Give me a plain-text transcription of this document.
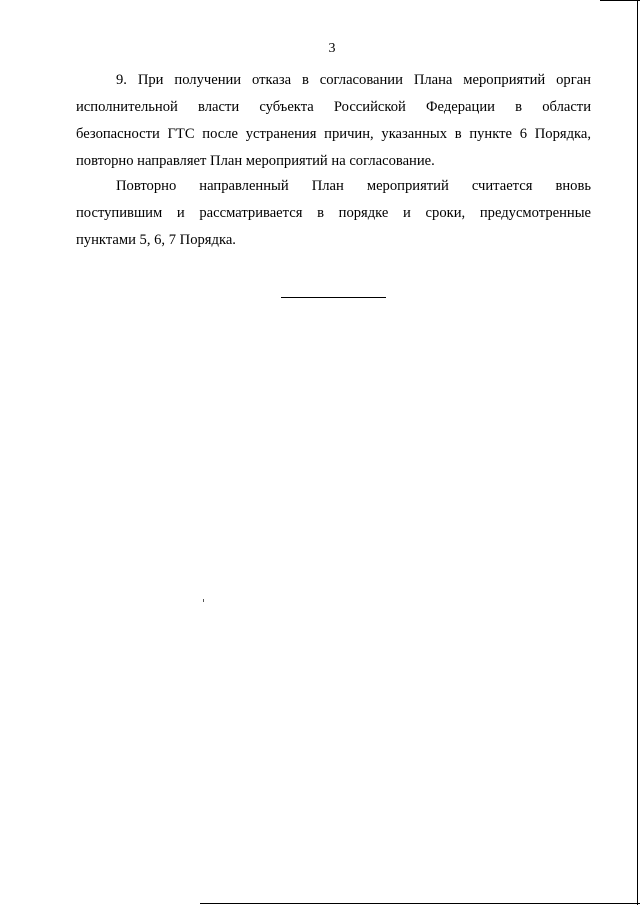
3
9. При получении отказа в согласовании Плана мероприятий орган
исполнительной власти субъекта Российской Федерации в области
безопасности ГТС после устранения причин, указанных в пункте 6 Порядка,
повторно направляет План мероприятий на согласование.
Повторно направленный План мероприятий считается вновь
поступившим и рассматривается в порядке и сроки, предусмотренные
пунктами 5, 6, 7 Порядка.
